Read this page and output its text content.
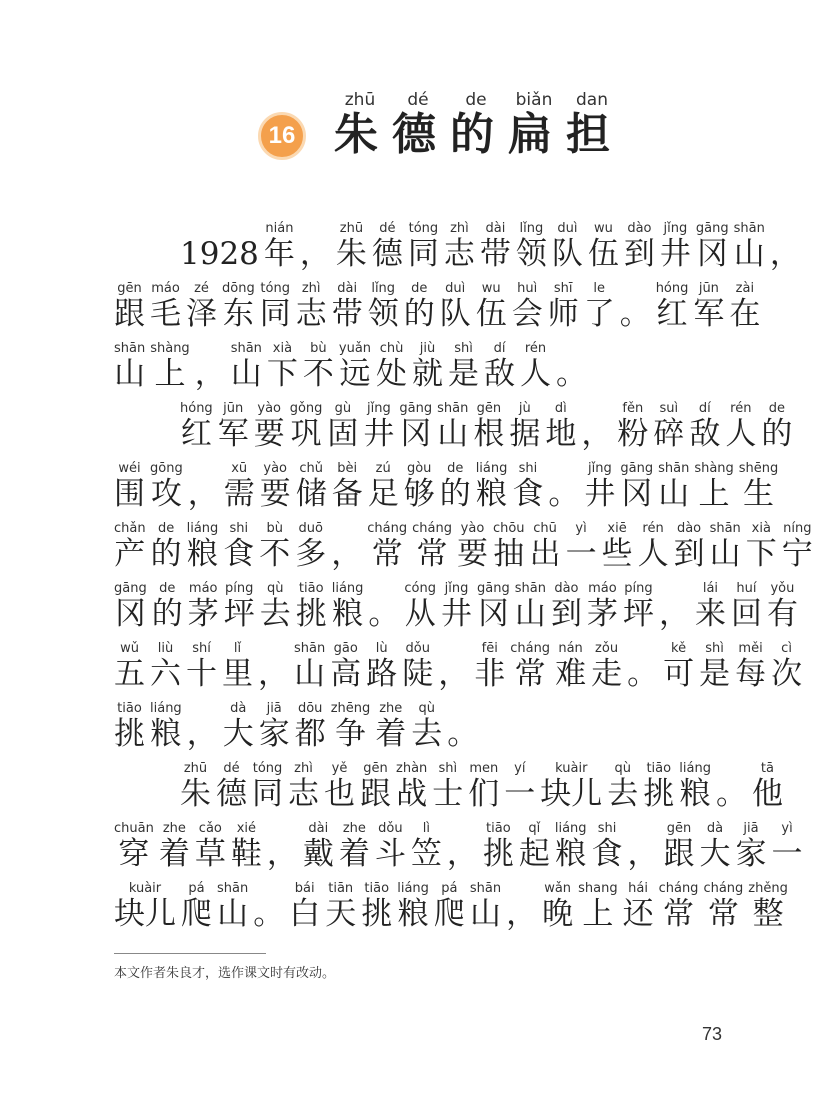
16 朱zhū德dé的de扁biǎn担dan
1928 年nián， 朱zhū德dé同tóng志zhì带dài领lǐng队duì伍wu到dào井jǐng冈gāng山shān，
跟gēn毛máo泽zé东dōng同tóng志zhì带dài领lǐng的de队duì伍wu会huì师shī了le。 红hóng军jūn在zài
山shān上shàng， 山shān下xià不bù远yuǎn处chù就jiù是shì敌dí人rén。
红hóng军jūn要yào巩gǒng固gù井jǐng冈gāng山shān根gēn据jù地dì， 粉fěn碎suì敌dí人rén的de
围wéi攻gōng， 需xū要yào储chǔ备bèi足zú够gòu的de粮liáng食shi。 井jǐng冈gāng山shān上shàng生shēng
产chǎn的de粮liáng食shi不bù多duō， 常cháng常cháng要yào抽chōu出chū一yì些xiē人rén到dào山shān下xià宁níng
冈gāng的de茅máo坪píng去qù挑tiāo粮liáng。 从cóng井jǐng冈gāng山shān到dào茅máo坪píng， 来lái回huí有yǒu
五wǔ六liù十shí里lǐ， 山shān高gāo路lù陡dǒu， 非fēi常cháng难nán走zǒu。 可kě是shì每měi次cì
挑tiāo粮liáng， 大dà家jiā都dōu争zhēng着zhe去qù。
朱zhū德dé同tóng志zhì也yě跟gēn战zhàn士shì们men一yí块儿kuàir去qù挑tiāo粮liáng。 他tā
穿chuān着zhe草cǎo鞋xié， 戴dài着zhe斗dǒu笠lì， 挑tiāo起qǐ粮liáng食shi， 跟gēn大dà家jiā一yì
块儿kuàir爬pá山shān。 白bái天tiān挑tiāo粮liáng爬pá山shān， 晚wǎn上shang还hái常cháng常cháng整zhěng
本文作者朱良才，选作课文时有改动。
73
